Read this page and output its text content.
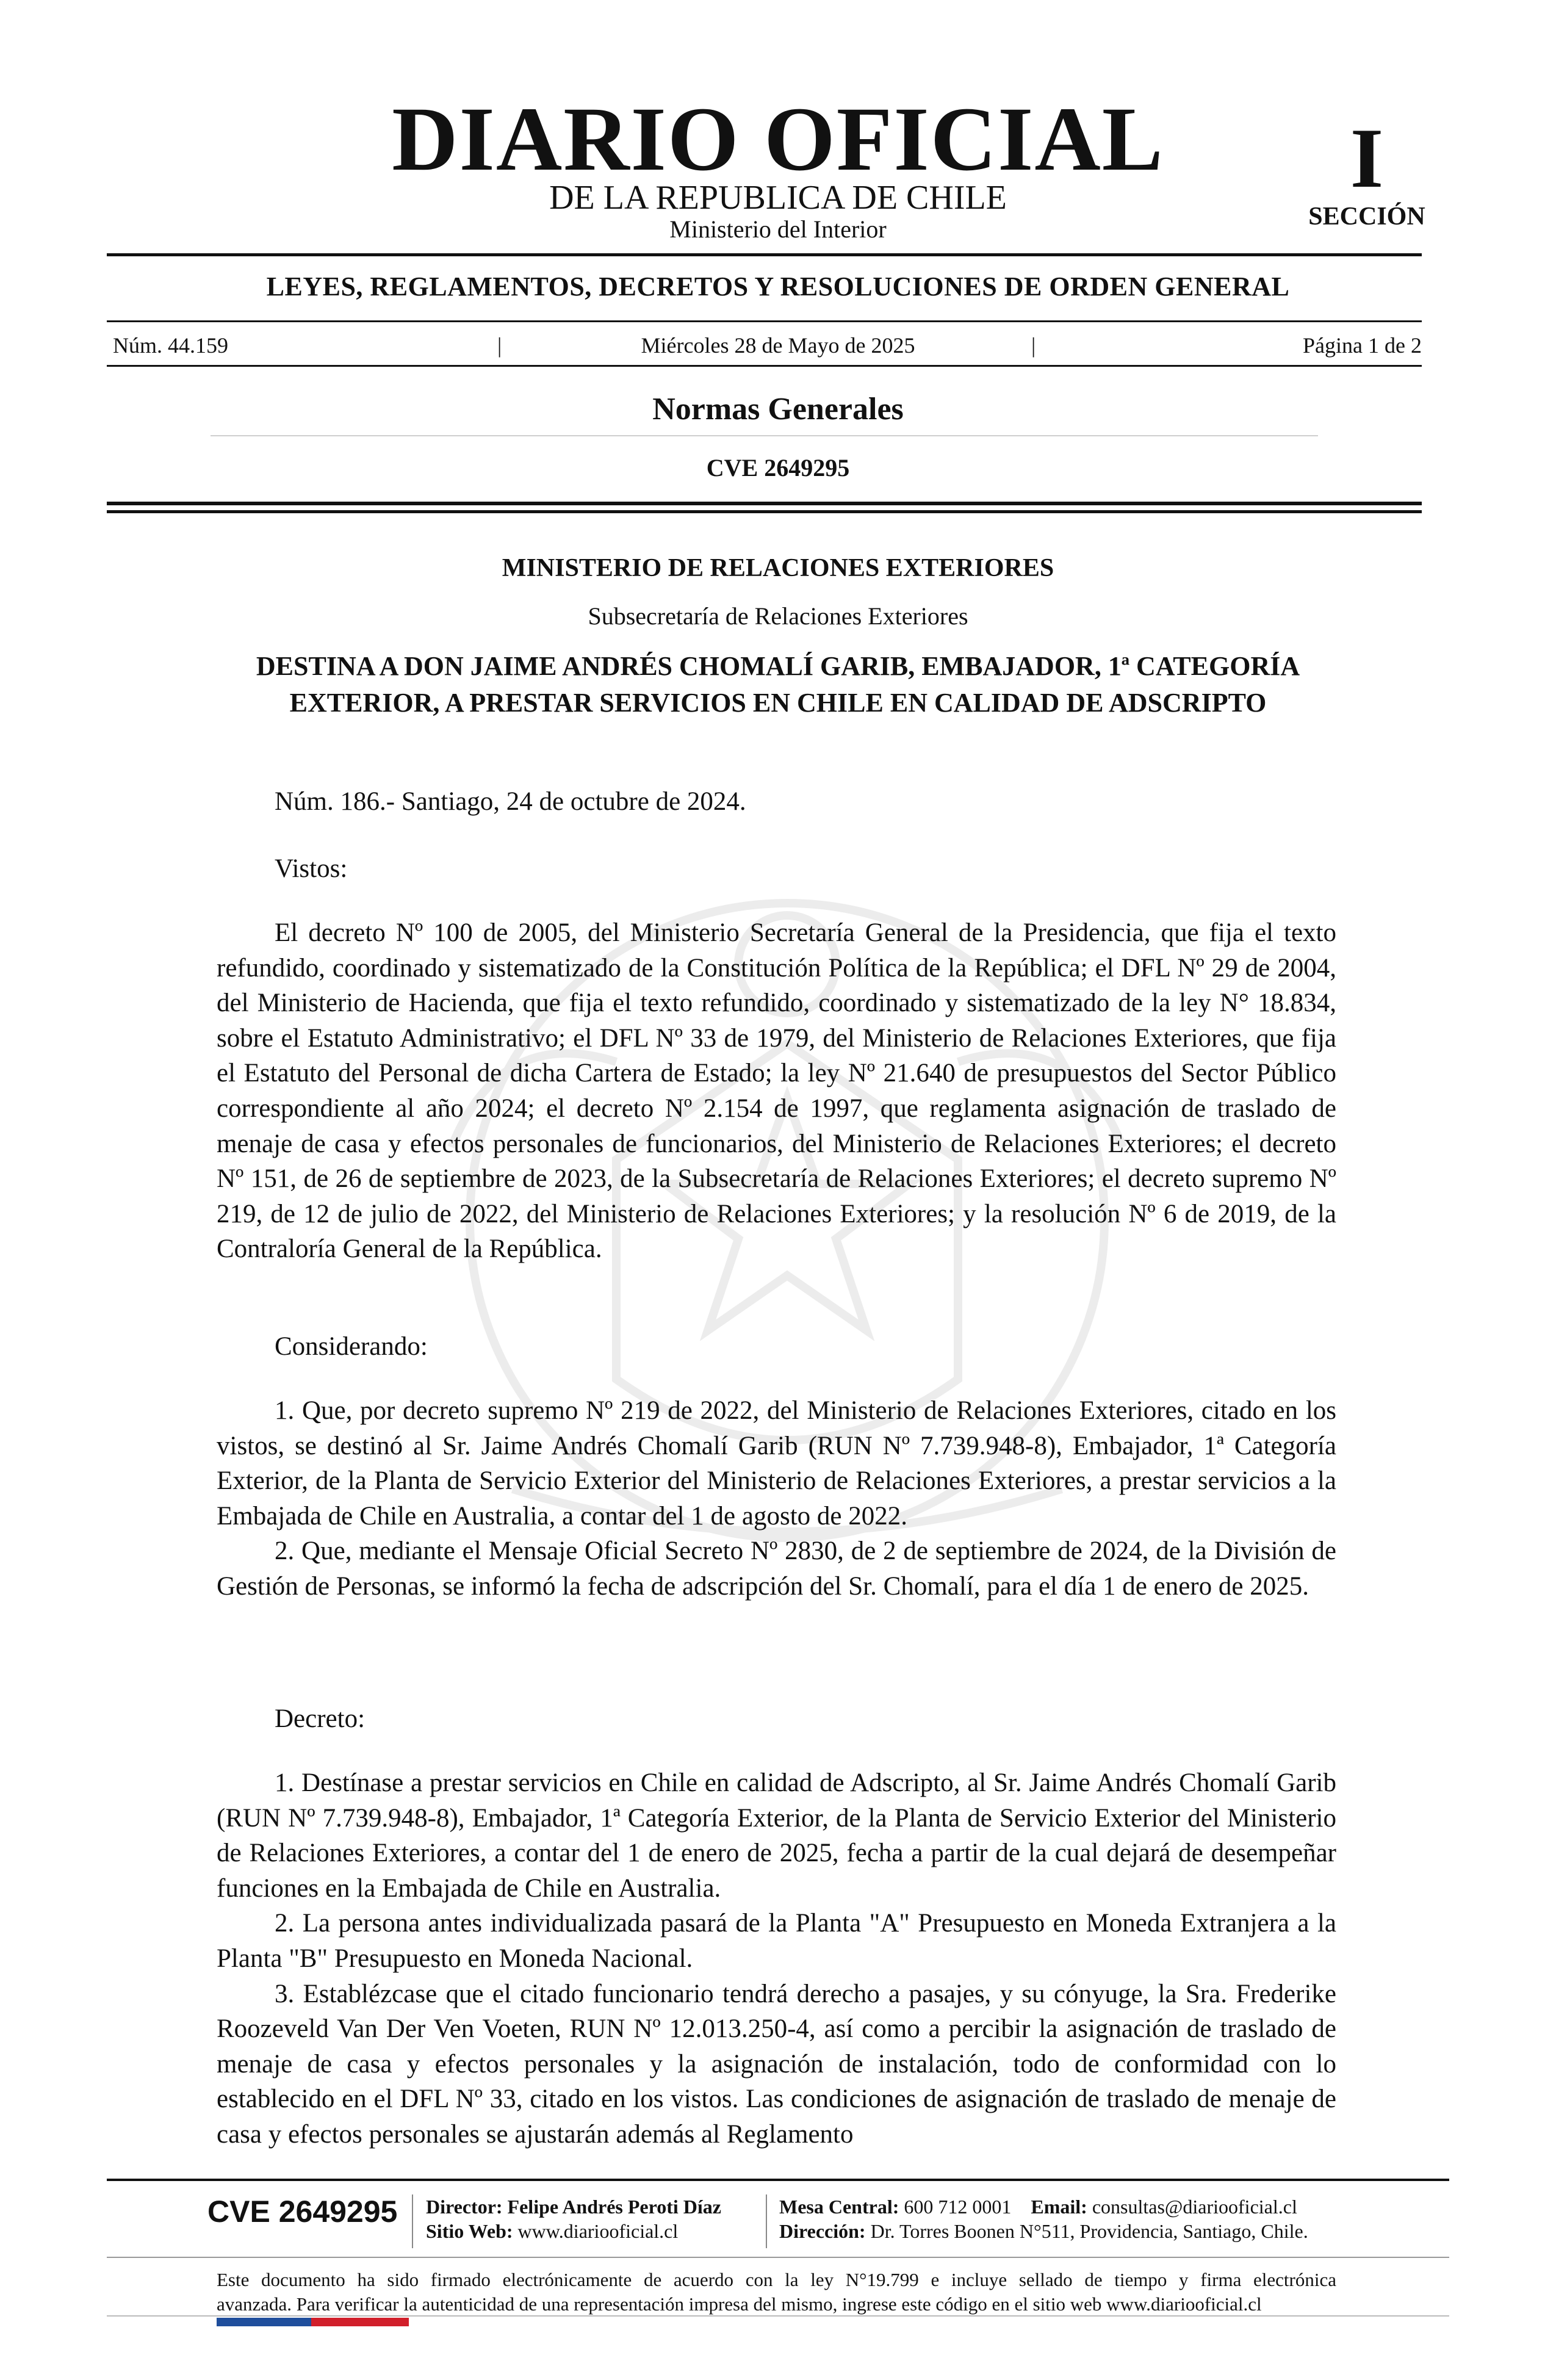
DIARIO OFICIAL
DE LA REPUBLICA DE CHILE
Ministerio del Interior
I
SECCIÓN
LEYES, REGLAMENTOS, DECRETOS Y RESOLUCIONES DE ORDEN GENERAL
Núm. 44.159	|	Miércoles 28 de Mayo de 2025	|	Página 1 de 2
Normas Generales
CVE 2649295
MINISTERIO DE RELACIONES EXTERIORES
Subsecretaría de Relaciones Exteriores
DESTINA A DON JAIME ANDRÉS CHOMALÍ GARIB, EMBAJADOR, 1ª CATEGORÍA EXTERIOR, A PRESTAR SERVICIOS EN CHILE EN CALIDAD DE ADSCRIPTO
Núm. 186.- Santiago, 24 de octubre de 2024.
Vistos:

El decreto Nº 100 de 2005, del Ministerio Secretaría General de la Presidencia, que fija el texto refundido, coordinado y sistematizado de la Constitución Política de la República; el DFL Nº 29 de 2004, del Ministerio de Hacienda, que fija el texto refundido, coordinado y sistematizado de la ley N° 18.834, sobre el Estatuto Administrativo; el DFL Nº 33 de 1979, del Ministerio de Relaciones Exteriores, que fija el Estatuto del Personal de dicha Cartera de Estado; la ley Nº 21.640 de presupuestos del Sector Público correspondiente al año 2024; el decreto Nº 2.154 de 1997, que reglamenta asignación de traslado de menaje de casa y efectos personales de funcionarios, del Ministerio de Relaciones Exteriores; el decreto Nº 151, de 26 de septiembre de 2023, de la Subsecretaría de Relaciones Exteriores; el decreto supremo Nº 219, de 12 de julio de 2022, del Ministerio de Relaciones Exteriores; y la resolución Nº 6 de 2019, de la Contraloría General de la República.

Considerando:

1. Que, por decreto supremo Nº 219 de 2022, del Ministerio de Relaciones Exteriores, citado en los vistos, se destinó al Sr. Jaime Andrés Chomalí Garib (RUN Nº 7.739.948-8), Embajador, 1ª Categoría Exterior, de la Planta de Servicio Exterior del Ministerio de Relaciones Exteriores, a prestar servicios a la Embajada de Chile en Australia, a contar del 1 de agosto de 2022.

2. Que, mediante el Mensaje Oficial Secreto Nº 2830, de 2 de septiembre de 2024, de la División de Gestión de Personas, se informó la fecha de adscripción del Sr. Chomalí, para el día 1 de enero de 2025.

Decreto:

1. Destínase a prestar servicios en Chile en calidad de Adscripto, al Sr. Jaime Andrés Chomalí Garib (RUN Nº 7.739.948-8), Embajador, 1ª Categoría Exterior, de la Planta de Servicio Exterior del Ministerio de Relaciones Exteriores, a contar del 1 de enero de 2025, fecha a partir de la cual dejará de desempeñar funciones en la Embajada de Chile en Australia.

2. La persona antes individualizada pasará de la Planta "A" Presupuesto en Moneda Extranjera a la Planta "B" Presupuesto en Moneda Nacional.

3. Establézcase que el citado funcionario tendrá derecho a pasajes, y su cónyuge, la Sra. Frederike Roozeveld Van Der Ven Voeten, RUN Nº 12.013.250-4, así como a percibir la asignación de traslado de menaje de casa y efectos personales y la asignación de instalación, todo de conformidad con lo establecido en el DFL Nº 33, citado en los vistos. Las condiciones de asignación de traslado de menaje de casa y efectos personales se ajustarán además al Reglamento

CVE 2649295 Director: Felipe Andrés Peroti Díaz
Sitio Web: www.diariooficial.cl
Mesa Central: 600 712 0001 Email: consultas@diariooficial.cl
Dirección: Dr. Torres Boonen N°511, Providencia, Santiago, Chile.
Este documento ha sido firmado electrónicamente de acuerdo con la ley N°19.799 e incluye sellado de tiempo y firma electrónica
avanzada. Para verificar la autenticidad de una representación impresa del mismo, ingrese este código en el sitio web www.diariooficial.cl
